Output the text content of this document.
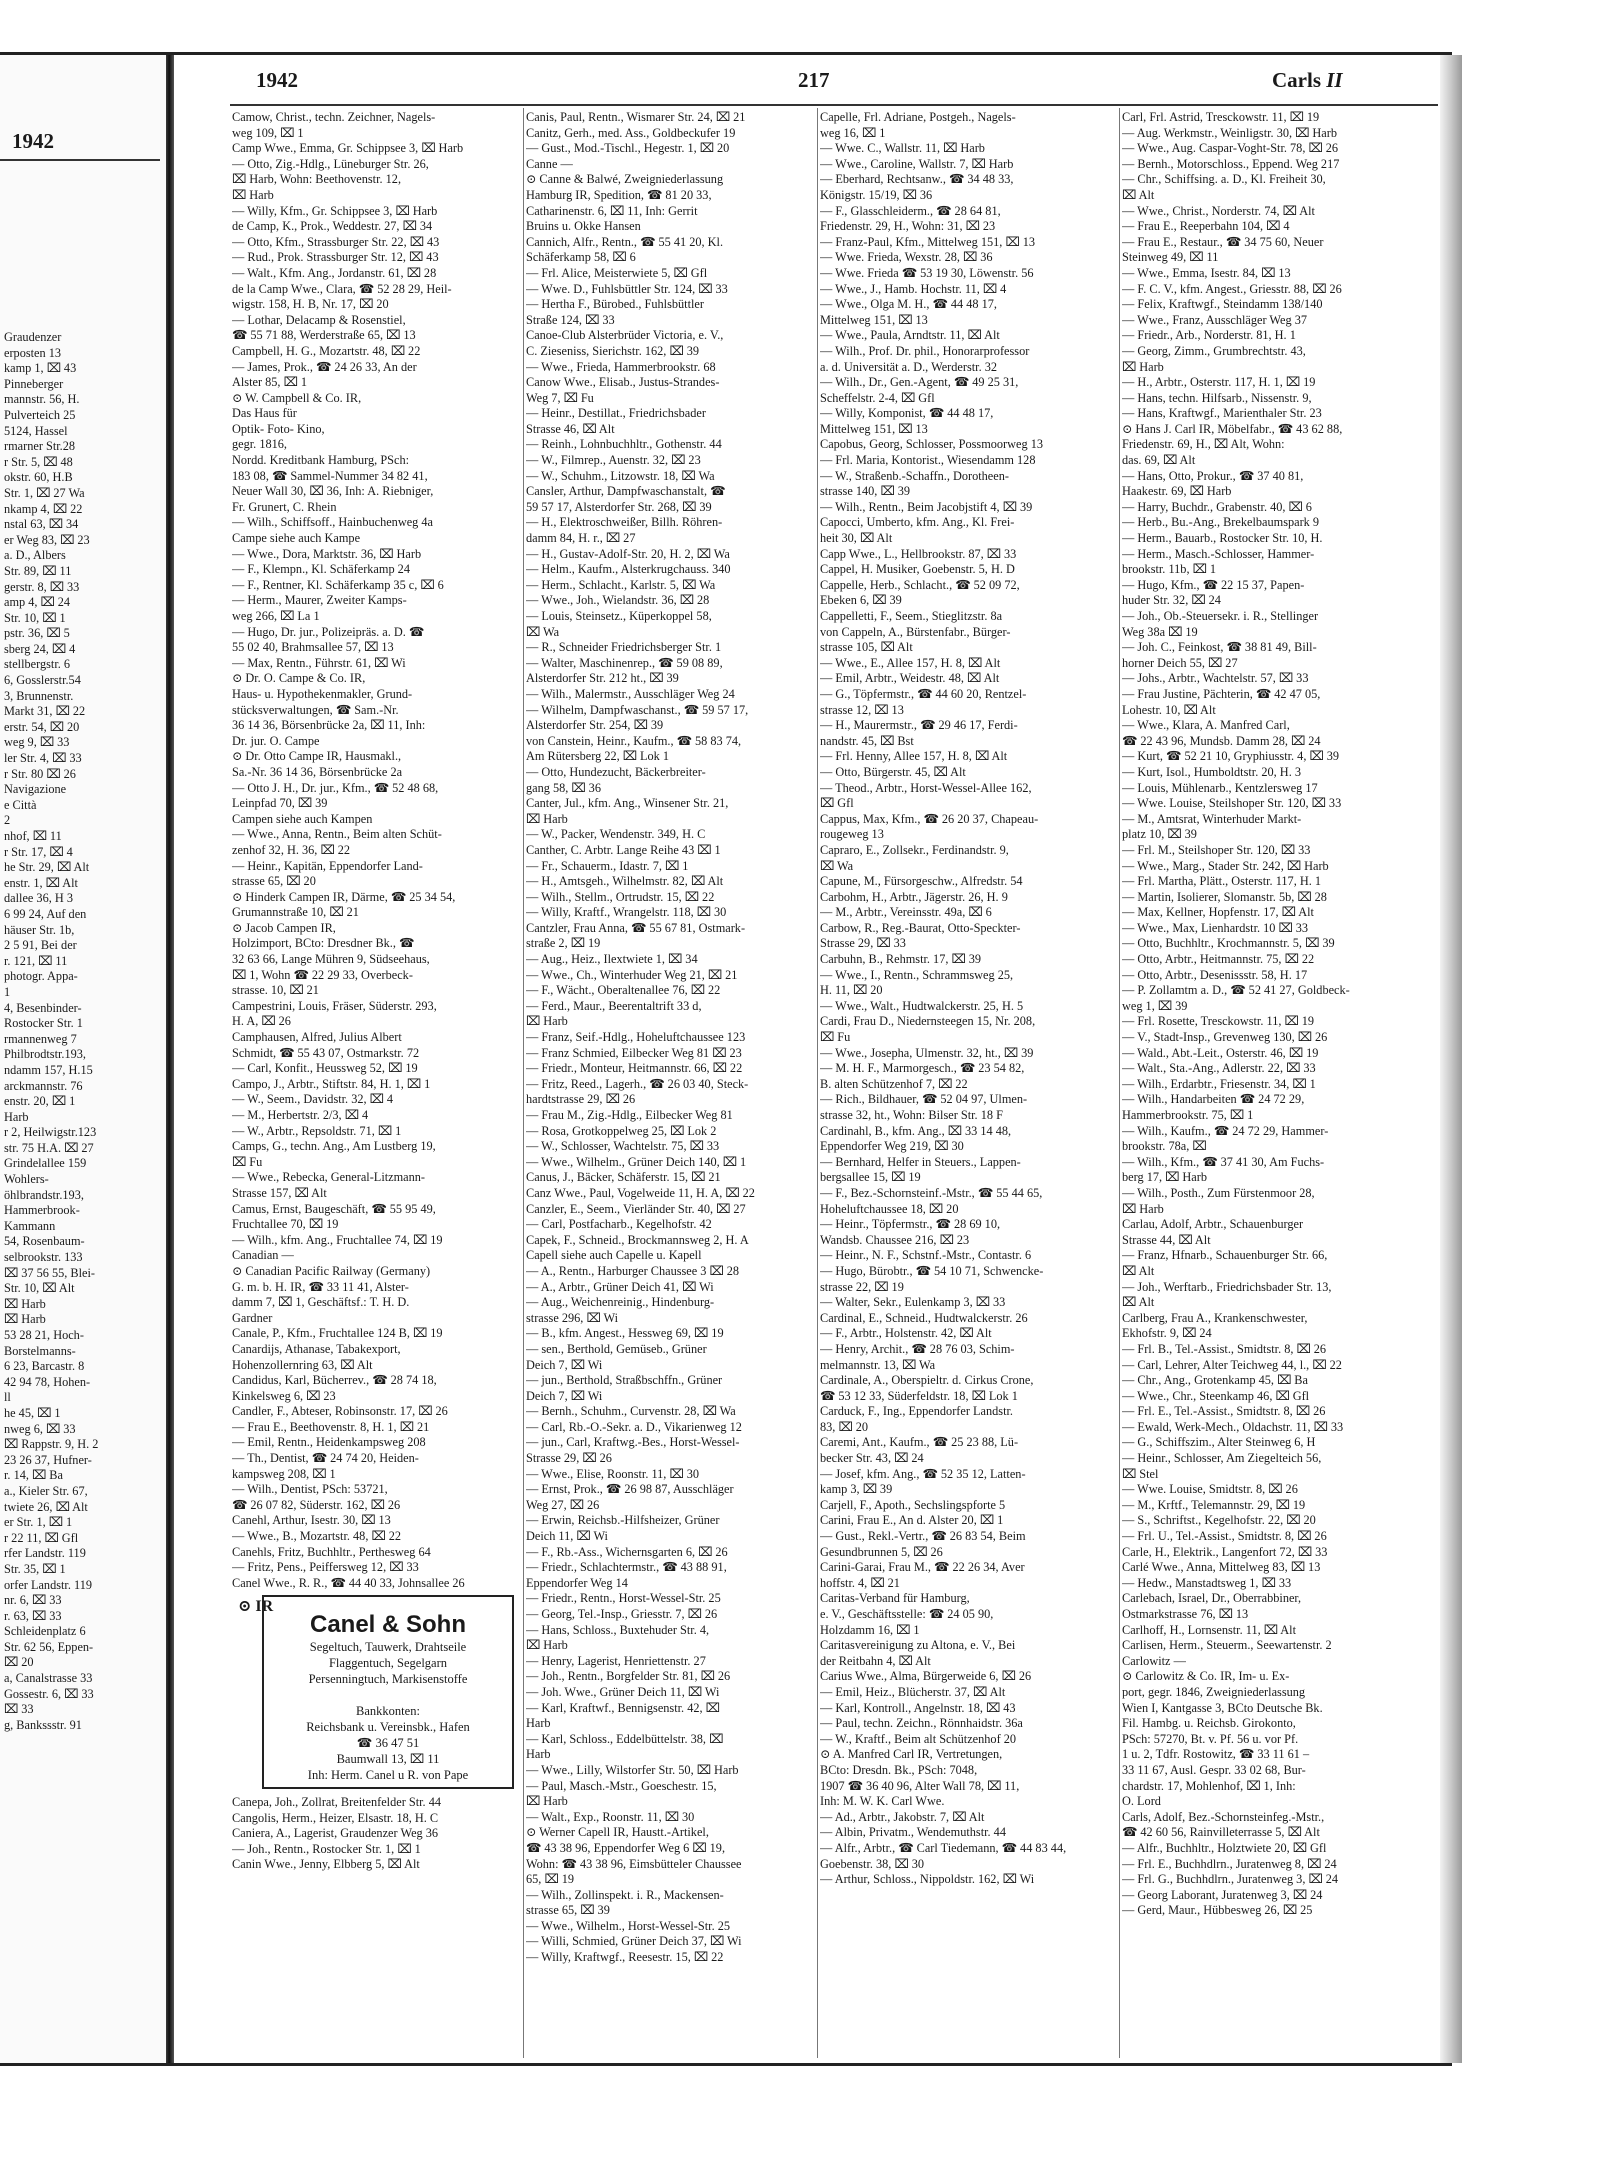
1942
Graudenzer
erposten 13
kamp 1, ⌧ 43
Pinneberger
mannstr. 56, H.
Pulverteich 25
5124, Hassel
rmarner Str.28
r Str. 5, ⌧ 48
okstr. 60, H.B
Str. 1, ⌧ 27 Wa
nkamp 4, ⌧ 22
nstal 63, ⌧ 34
er Weg 83, ⌧ 23
a. D., Albers
Str. 89, ⌧ 11
gerstr. 8, ⌧ 33
amp 4, ⌧ 24
Str. 10, ⌧ 1
pstr. 36, ⌧ 5
sberg 24, ⌧ 4
stellbergstr. 6
6, Gosslerstr.54
3, Brunnenstr.
Markt 31, ⌧ 22
erstr. 54, ⌧ 20
weg 9, ⌧ 33
ler Str. 4, ⌧ 33
r Str. 80 ⌧ 26
Navigazione
e Città
2
nhof, ⌧ 11
r Str. 17, ⌧ 4
he Str. 29, ⌧ Alt
enstr. 1, ⌧ Alt
dallee 36, H 3
6 99 24, Auf den
häuser Str. 1b,
2 5 91, Bei der
r. 121, ⌧ 11
photogr. Appa-
1
4, Besenbinder-
Rostocker Str. 1
rmannenweg 7
Philbrodtstr.193,
ndamm 157, H.15
arckmannstr. 76
enstr. 20, ⌧ 1
Harb
r 2, Heilwigstr.123
str. 75 H.A. ⌧ 27
Grindelallee 159
Wohlers-
öhlbrandstr.193,
Hammerbrook-
Kammann
54, Rosenbaum-
selbrookstr. 133
⌧ 37 56 55, Blei-
Str. 10, ⌧ Alt
⌧ Harb
⌧ Harb
53 28 21, Hoch-
Borstelmanns-
6 23, Barcastr. 8
42 94 78, Hohen-
ll
he 45, ⌧ 1
nweg 6, ⌧ 33
⌧ Rappstr. 9, H. 2
23 26 37, Hufner-
r. 14, ⌧ Ba
a., Kieler Str. 67,
twiete 26, ⌧ Alt
er Str. 1, ⌧ 1
r 22 11, ⌧ Gfl
rfer Landstr. 119
Str. 35, ⌧ 1
orfer Landstr. 119
nr. 6, ⌧ 33
r. 63, ⌧ 33
Schleidenplatz 6
Str. 62 56, Eppen-
⌧ 20
a, Canalstrasse 33
Gossestr. 6, ⌧ 33
⌧ 33
g, Bankssstr. 91
1942	217	Carls II
Camow, Christ., techn. Zeichner, Nagels-
weg 109, ⌧ 1
Camp Wwe., Emma, Gr. Schippsee 3, ⌧ Harb
— Otto, Zig.-Hdlg., Lüneburger Str. 26,
⌧ Harb, Wohn: Beethovenstr. 12,
⌧ Harb
— Willy, Kfm., Gr. Schippsee 3, ⌧ Harb
de Camp, K., Prok., Weddestr. 27, ⌧ 34
— Otto, Kfm., Strassburger Str. 22, ⌧ 43
— Rud., Prok. Strassburger Str. 12, ⌧ 43
— Walt., Kfm. Ang., Jordanstr. 61, ⌧ 28
de la Camp Wwe., Clara, ☎ 52 28 29, Heil-
wigstr. 158, H. B, Nr. 17, ⌧ 20
— Lothar, Delacamp & Rosenstiel,
☎ 55 71 88, Werderstraße 65, ⌧ 13
Campbell, H. G., Mozartstr. 48, ⌧ 22
— James, Prok., ☎ 24 26 33, An der
Alster 85, ⌧ 1
⊙ W. Campbell & Co. IR,
Das Haus für
Optik- Foto- Kino,
gegr. 1816,
Nordd. Kreditbank Hamburg, PSch:
183 08, ☎ Sammel-Nummer 34 82 41,
Neuer Wall 30, ⌧ 36, Inh: A. Riebniger,
Fr. Grunert, C. Rhein
— Wilh., Schiffsoff., Hainbuchenweg 4a
Campe siehe auch Kampe
— Wwe., Dora, Marktstr. 36, ⌧ Harb
— F., Klempn., Kl. Schäferkamp 24
— F., Rentner, Kl. Schäferkamp 35 c, ⌧ 6
— Herm., Maurer, Zweiter Kamps-
weg 266, ⌧ La 1
— Hugo, Dr. jur., Polizeipräs. a. D. ☎
55 02 40, Brahmsallee 57, ⌧ 13
— Max, Rentn., Führstr. 61, ⌧ Wi
⊙ Dr. O. Campe & Co. IR,
Haus- u. Hypothekenmakler, Grund-
stücksverwaltungen, ☎ Sam.-Nr.
36 14 36, Börsenbrücke 2a, ⌧ 11, Inh:
Dr. jur. O. Campe
⊙ Dr. Otto Campe IR, Hausmakl.,
Sa.-Nr. 36 14 36, Börsenbrücke 2a
— Otto J. H., Dr. jur., Kfm., ☎ 52 48 68,
Leinpfad 70, ⌧ 39
Campen siehe auch Kampen
— Wwe., Anna, Rentn., Beim alten Schüt-
zenhof 32, H. 36, ⌧ 22
— Heinr., Kapitän, Eppendorfer Land-
strasse 65, ⌧ 20
⊙ Hinderk Campen IR, Därme, ☎ 25 34 54,
Grumannstraße 10, ⌧ 21
⊙ Jacob Campen IR,
Holzimport, BCto: Dresdner Bk., ☎
32 63 66, Lange Mühren 9, Südseehaus,
⌧ 1, Wohn ☎ 22 29 33, Overbeck-
strasse. 10, ⌧ 21
Campestrini, Louis, Fräser, Süderstr. 293,
H. A, ⌧ 26
Camphausen, Alfred, Julius Albert
Schmidt, ☎ 55 43 07, Ostmarkstr. 72
— Carl, Konfit., Heussweg 52, ⌧ 19
Campo, J., Arbtr., Stiftstr. 84, H. 1, ⌧ 1
— W., Seem., Davidstr. 32, ⌧ 4
— M., Herbertstr. 2/3, ⌧ 4
— W., Arbtr., Repsoldstr. 71, ⌧ 1
Camps, G., techn. Ang., Am Lustberg 19,
⌧ Fu
— Wwe., Rebecka, General-Litzmann-
Strasse 157, ⌧ Alt
Camus, Ernst, Baugeschäft, ☎ 55 95 49,
Fruchtallee 70, ⌧ 19
— Wilh., kfm. Ang., Fruchtallee 74, ⌧ 19
Canadian —
⊙ Canadian Pacific Railway (Germany)
G. m. b. H. IR, ☎ 33 11 41, Alster-
damm 7, ⌧ 1, Geschäftsf.: T. H. D.
Gardner
Canale, P., Kfm., Fruchtallee 124 B, ⌧ 19
Canardijs, Athanase, Tabakexport,
Hohenzollernring 63, ⌧ Alt
Candidus, Karl, Bücherrev., ☎ 28 74 18,
Kinkelsweg 6, ⌧ 23
Candler, F., Abteser, Robinsonstr. 17, ⌧ 26
— Frau E., Beethovenstr. 8, H. 1, ⌧ 21
— Emil, Rentn., Heidenkampsweg 208
— Th., Dentist, ☎ 24 74 20, Heiden-
kampsweg 208, ⌧ 1
— Wilh., Dentist, PSch: 53721,
☎ 26 07 82, Süderstr. 162, ⌧ 26
Canehl, Arthur, Isestr. 30, ⌧ 13
— Wwe., B., Mozartstr. 48, ⌧ 22
Canehls, Fritz, Buchhltr., Perthesweg 64
— Fritz, Pens., Peiffersweg 12, ⌧ 33
Canel Wwe., R. R., ☎ 44 40 33, Johnsallee 26
Canis, Paul, Rentn., Wismarer Str. 24, ⌧ 21
Canitz, Gerh., med. Ass., Goldbeckufer 19
— Gust., Mod.-Tischl., Hegestr. 1, ⌧ 20
Canne —
⊙ Canne & Balwé, Zweigniederlassung
Hamburg IR, Spedition, ☎ 81 20 33,
Catharinenstr. 6, ⌧ 11, Inh: Gerrit
Bruins u. Okke Hansen
Cannich, Alfr., Rentn., ☎ 55 41 20, Kl.
Schäferkamp 58, ⌧ 6
— Frl. Alice, Meisterwiete 5, ⌧ Gfl
— Wwe. D., Fuhlsbüttler Str. 124, ⌧ 33
— Hertha F., Bürobed., Fuhlsbüttler
Straße 124, ⌧ 33
Canoe-Club Alsterbrüder Victoria, e. V.,
C. Zieseniss, Sierichstr. 162, ⌧ 39
— Wwe., Frieda, Hammerbrookstr. 68
Canow Wwe., Elisab., Justus-Strandes-
Weg 7, ⌧ Fu
— Heinr., Destillat., Friedrichsbader
Strasse 46, ⌧ Alt
— Reinh., Lohnbuchhltr., Gothenstr. 44
— W., Filmrep., Auenstr. 32, ⌧ 23
— W., Schuhm., Litzowstr. 18, ⌧ Wa
Cansler, Arthur, Dampfwaschanstalt, ☎
59 57 17, Alsterdorfer Str. 268, ⌧ 39
— H., Elektroschweißer, Billh. Röhren-
damm 84, H. r., ⌧ 27
— H., Gustav-Adolf-Str. 20, H. 2, ⌧ Wa
— Helm., Kaufm., Alsterkrugchauss. 340
— Herm., Schlacht., Karlstr. 5, ⌧ Wa
— Wwe., Joh., Wielandstr. 36, ⌧ 28
— Louis, Steinsetz., Küperkoppel 58,
⌧ Wa
— R., Schneider Friedrichsberger Str. 1
— Walter, Maschinenrep., ☎ 59 08 89,
Alsterdorfer Str. 212 ht., ⌧ 39
— Wilh., Malermstr., Ausschläger Weg 24
— Wilhelm, Dampfwaschanst., ☎ 59 57 17,
Alsterdorfer Str. 254, ⌧ 39
von Canstein, Heinr., Kaufm., ☎ 58 83 74,
Am Rütersberg 22, ⌧ Lok 1
— Otto, Hundezucht, Bäckerbreiter-
gang 58, ⌧ 36
Canter, Jul., kfm. Ang., Winsener Str. 21,
⌧ Harb
— W., Packer, Wendenstr. 349, H. C
Canther, C. Arbtr. Lange Reihe 43 ⌧ 1
— Fr., Schauerm., Idastr. 7, ⌧ 1
— H., Amtsgeh., Wilhelmstr. 82, ⌧ Alt
— Wilh., Stellm., Ortrudstr. 15, ⌧ 22
— Willy, Kraftf., Wrangelstr. 118, ⌧ 30
Cantzler, Frau Anna, ☎ 55 67 81, Ostmark-
straße 2, ⌧ 19
— Aug., Heiz., Ilextwiete 1, ⌧ 34
— Wwe., Ch., Winterhuder Weg 21, ⌧ 21
— F., Wächt., Oberaltenallee 76, ⌧ 22
— Ferd., Maur., Beerentaltrift 33 d,
⌧ Harb
— Franz, Seif.-Hdlg., Hoheluftchaussee 123
— Franz Schmied, Eilbecker Weg 81 ⌧ 23
— Friedr., Monteur, Heitmannstr. 66, ⌧ 22
— Fritz, Reed., Lagerh., ☎ 26 03 40, Steck-
hardtstrasse 29, ⌧ 26
— Frau M., Zig.-Hdlg., Eilbecker Weg 81
— Rosa, Grotkoppelweg 25, ⌧ Lok 2
— W., Schlosser, Wachtelstr. 75, ⌧ 33
— Wwe., Wilhelm., Grüner Deich 140, ⌧ 1
Canus, J., Bäcker, Schäferstr. 15, ⌧ 21
Canz Wwe., Paul, Vogelweide 11, H. A, ⌧ 22
Canzler, E., Seem., Vierländer Str. 40, ⌧ 27
— Carl, Postfacharb., Kegelhofstr. 42
Capek, F., Schneid., Brockmannsweg 2, H. A
Capell siehe auch Capelle u. Kapell
— A., Rentn., Harburger Chaussee 3 ⌧ 28
— A., Arbtr., Grüner Deich 41, ⌧ Wi
— Aug., Weichenreinig., Hindenburg-
strasse 296, ⌧ Wi
— B., kfm. Angest., Hessweg 69, ⌧ 19
— sen., Berthold, Gemüseb., Grüner
Deich 7, ⌧ Wi
— jun., Berthold, Straßbschffn., Grüner
Deich 7, ⌧ Wi
— Bernh., Schuhm., Curvenstr. 28, ⌧ Wa
— Carl, Rb.-O.-Sekr. a. D., Vikarienweg 12
— jun., Carl, Kraftwg.-Bes., Horst-Wessel-
Strasse 29, ⌧ 26
— Wwe., Elise, Roonstr. 11, ⌧ 30
— Ernst, Prok., ☎ 26 98 87, Ausschläger
Weg 27, ⌧ 26
— Erwin, Reichsb.-Hilfsheizer, Grüner
Deich 11, ⌧ Wi
— F., Rb.-Ass., Wichernsgarten 6, ⌧ 26
— Friedr., Schlachtermstr., ☎ 43 88 91,
Eppendorfer Weg 14
— Friedr., Rentn., Horst-Wessel-Str. 25
— Georg, Tel.-Insp., Griesstr. 7, ⌧ 26
— Hans, Schloss., Buxtehuder Str. 4,
⌧ Harb
— Henry, Lagerist, Henriettenstr. 27
— Joh., Rentn., Borgfelder Str. 81, ⌧ 26
— Joh. Wwe., Grüner Deich 11, ⌧ Wi
— Karl, Kraftwf., Bennigsenstr. 42, ⌧
Harb
— Karl, Schloss., Eddelbüttelstr. 38, ⌧
Harb
— Wwe., Lilly, Wilstorfer Str. 50, ⌧ Harb
— Paul, Masch.-Mstr., Goeschestr. 15,
⌧ Harb
— Walt., Exp., Roonstr. 11, ⌧ 30
⊙ Werner Capell IR, Haustt.-Artikel,
☎ 43 38 96, Eppendorfer Weg 6 ⌧ 19,
Wohn: ☎ 43 38 96, Eimsbütteler Chaussee
65, ⌧ 19
— Wilh., Zollinspekt. i. R., Mackensen-
strasse 65, ⌧ 39
— Wwe., Wilhelm., Horst-Wessel-Str. 25
— Willi, Schmied, Grüner Deich 37, ⌧ Wi
— Willy, Kraftwgf., Reesestr. 15, ⌧ 22
Capelle, Frl. Adriane, Postgeh., Nagels-
weg 16, ⌧ 1
— Wwe. C., Wallstr. 11, ⌧ Harb
— Wwe., Caroline, Wallstr. 7, ⌧ Harb
— Eberhard, Rechtsanw., ☎ 34 48 33,
Königstr. 15/19, ⌧ 36
— F., Glasschleiderm., ☎ 28 64 81,
Friedenstr. 29, H., Wohn: 31, ⌧ 23
— Franz-Paul, Kfm., Mittelweg 151, ⌧ 13
— Wwe. Frieda, Wexstr. 28, ⌧ 36
— Wwe. Frieda ☎ 53 19 30, Löwenstr. 56
— Wwe., J., Hamb. Hochstr. 11, ⌧ 4
— Wwe., Olga M. H., ☎ 44 48 17,
Mittelweg 151, ⌧ 13
— Wwe., Paula, Arndtstr. 11, ⌧ Alt
— Wilh., Prof. Dr. phil., Honorarprofessor
a. d. Universität a. D., Werderstr. 32
— Wilh., Dr., Gen.-Agent, ☎ 49 25 31,
Scheffelstr. 2-4, ⌧ Gfl
— Willy, Komponist, ☎ 44 48 17,
Mittelweg 151, ⌧ 13
Capobus, Georg, Schlosser, Possmoorweg 13
— Frl. Maria, Kontorist., Wiesendamm 128
— W., Straßenb.-Schaffn., Dorotheen-
strasse 140, ⌧ 39
— Wilh., Rentn., Beim Jacobjstift 4, ⌧ 39
Capocci, Umberto, kfm. Ang., Kl. Frei-
heit 30, ⌧ Alt
Capp Wwe., L., Hellbrookstr. 87, ⌧ 33
Cappel, H. Musiker, Goebenstr. 5, H. D
Cappelle, Herb., Schlacht., ☎ 52 09 72,
Ebeken 6, ⌧ 39
Cappelletti, F., Seem., Stieglitzstr. 8a
von Cappeln, A., Bürstenfabr., Bürger-
strasse 105, ⌧ Alt
— Wwe., E., Allee 157, H. 8, ⌧ Alt
— Emil, Arbtr., Weidestr. 48, ⌧ Alt
— G., Töpfermstr., ☎ 44 60 20, Rentzel-
strasse 12, ⌧ 13
— H., Maurermstr., ☎ 29 46 17, Ferdi-
nandstr. 45, ⌧ Bst
— Frl. Henny, Allee 157, H. 8, ⌧ Alt
— Otto, Bürgerstr. 45, ⌧ Alt
— Theod., Arbtr., Horst-Wessel-Allee 162,
⌧ Gfl
Cappus, Max, Kfm., ☎ 26 20 37, Chapeau-
rougeweg 13
Capraro, E., Zollsekr., Ferdinandstr. 9,
⌧ Wa
Capune, M., Fürsorgeschw., Alfredstr. 54
Carbohm, H., Arbtr., Jägerstr. 26, H. 9
— M., Arbtr., Vereinsstr. 49a, ⌧ 6
Carbow, R., Reg.-Baurat, Otto-Speckter-
Strasse 29, ⌧ 33
Carbuhn, B., Rehmstr. 17, ⌧ 39
— Wwe., I., Rentn., Schrammsweg 25,
H. 11, ⌧ 20
— Wwe., Walt., Hudtwalckerstr. 25, H. 5
Cardi, Frau D., Niedernsteegen 15, Nr. 208,
⌧ Fu
— Wwe., Josepha, Ulmenstr. 32, ht., ⌧ 39
— M. H. F., Marmorgesch., ☎ 23 54 82,
B. alten Schützenhof 7, ⌧ 22
— Rich., Bildhauer, ☎ 52 04 97, Ulmen-
strasse 32, ht., Wohn: Bilser Str. 18 F
Cardinahl, B., kfm. Ang., ⌧ 33 14 48,
Eppendorfer Weg 219, ⌧ 30
— Bernhard, Helfer in Steuers., Lappen-
bergsallee 15, ⌧ 19
— F., Bez.-Schornsteinf.-Mstr., ☎ 55 44 65,
Hoheluftchaussee 18, ⌧ 20
— Heinr., Töpfermstr., ☎ 28 69 10,
Wandsb. Chaussee 216, ⌧ 23
— Heinr., N. F., Schstnf.-Mstr., Contastr. 6
— Hugo, Bürobtr., ☎ 54 10 71, Schwencke-
strasse 22, ⌧ 19
— Walter, Sekr., Eulenkamp 3, ⌧ 33
Cardinal, E., Schneid., Hudtwalckerstr. 26
— F., Arbtr., Holstenstr. 42, ⌧ Alt
— Henry, Archit., ☎ 28 76 03, Schim-
melmannstr. 13, ⌧ Wa
Cardinale, A., Oberspieltr. d. Cirkus Crone,
☎ 53 12 33, Süderfeldstr. 18, ⌧ Lok 1
Carduck, F., Ing., Eppendorfer Landstr.
83, ⌧ 20
Caremi, Ant., Kaufm., ☎ 25 23 88, Lü-
becker Str. 43, ⌧ 24
— Josef, kfm. Ang., ☎ 52 35 12, Latten-
kamp 3, ⌧ 39
Carjell, F., Apoth., Sechslingspforte 5
Carini, Frau E., An d. Alster 20, ⌧ 1
— Gust., Rekl.-Vertr., ☎ 26 83 54, Beim
Gesundbrunnen 5, ⌧ 26
Carini-Garai, Frau M., ☎ 22 26 34, Aver
hoffstr. 4, ⌧ 21
Caritas-Verband für Hamburg,
e. V., Geschäftsstelle: ☎ 24 05 90,
Holzdamm 16, ⌧ 1
Caritasvereinigung zu Altona, e. V., Bei
der Reitbahn 4, ⌧ Alt
Carius Wwe., Alma, Bürgerweide 6, ⌧ 26
— Emil, Heiz., Blücherstr. 37, ⌧ Alt
— Karl, Kontroll., Angelnstr. 18, ⌧ 43
— Paul, techn. Zeichn., Rönnhaidstr. 36a
— W., Kraftf., Beim alt Schützenhof 20
⊙ A. Manfred Carl IR, Vertretungen,
BCto: Dresdn. Bk., PSch: 7048,
1907 ☎ 36 40 96, Alter Wall 78, ⌧ 11,
Inh: M. W. K. Carl Wwe.
— Ad., Arbtr., Jakobstr. 7, ⌧ Alt
— Albin, Privatm., Wendemuthstr. 44
— Alfr., Arbtr., ☎ Carl Tiedemann, ☎ 44 83 44,
Goebenstr. 38, ⌧ 30
— Arthur, Schloss., Nippoldstr. 162, ⌧ Wi
Carl, Frl. Astrid, Tresckowstr. 11, ⌧ 19
— Aug. Werkmstr., Weinligstr. 30, ⌧ Harb
— Wwe., Aug. Caspar-Voght-Str. 78, ⌧ 26
— Bernh., Motorschloss., Eppend. Weg 217
— Chr., Schiffsing. a. D., Kl. Freiheit 30,
⌧ Alt
— Wwe., Christ., Norderstr. 74, ⌧ Alt
— Frau E., Reeperbahn 104, ⌧ 4
— Frau E., Restaur., ☎ 34 75 60, Neuer
Steinweg 49, ⌧ 11
— Wwe., Emma, Isestr. 84, ⌧ 13
— F. C. V., kfm. Angest., Griesstr. 88, ⌧ 26
— Felix, Kraftwgf., Steindamm 138/140
— Wwe., Franz, Ausschläger Weg 37
— Friedr., Arb., Norderstr. 81, H. 1
— Georg, Zimm., Grumbrechtstr. 43,
⌧ Harb
— H., Arbtr., Osterstr. 117, H. 1, ⌧ 19
— Hans, techn. Hilfsarb., Nissenstr. 9,
— Hans, Kraftwgf., Marienthaler Str. 23
⊙ Hans J. Carl IR, Möbelfabr., ☎ 43 62 88,
Friedenstr. 69, H., ⌧ Alt, Wohn:
das. 69, ⌧ Alt
— Hans, Otto, Prokur., ☎ 37 40 81,
Haakestr. 69, ⌧ Harb
— Harry, Buchdr., Grabenstr. 40, ⌧ 6
— Herb., Bu.-Ang., Brekelbaumspark 9
— Herm., Bauarb., Rostocker Str. 10, H.
— Herm., Masch.-Schlosser, Hammer-
brookstr. 11b, ⌧ 1
— Hugo, Kfm., ☎ 22 15 37, Papen-
huder Str. 32, ⌧ 24
— Joh., Ob.-Steuersekr. i. R., Stellinger
Weg 38a ⌧ 19
— Joh. C., Feinkost, ☎ 38 81 49, Bill-
horner Deich 55, ⌧ 27
— Johs., Arbtr., Wachtelstr. 57, ⌧ 33
— Frau Justine, Pächterin, ☎ 42 47 05,
Lohestr. 10, ⌧ Alt
— Wwe., Klara, A. Manfred Carl,
☎ 22 43 96, Mundsb. Damm 28, ⌧ 24
— Kurt, ☎ 52 21 10, Gryphiusstr. 4, ⌧ 39
— Kurt, Isol., Humboldtstr. 20, H. 3
— Louis, Mühlenarb., Kentzlersweg 17
— Wwe. Louise, Steilshoper Str. 120, ⌧ 33
— M., Amtsrat, Winterhuder Markt-
platz 10, ⌧ 39
— Frl. M., Steilshoper Str. 120, ⌧ 33
— Wwe., Marg., Stader Str. 242, ⌧ Harb
— Frl. Martha, Plätt., Osterstr. 117, H. 1
— Martin, Isolierer, Slomanstr. 5b, ⌧ 28
— Max, Kellner, Hopfenstr. 17, ⌧ Alt
— Wwe., Max, Lienhardstr. 10 ⌧ 33
— Otto, Buchhltr., Krochmannstr. 5, ⌧ 39
— Otto, Arbtr., Heitmannstr. 75, ⌧ 22
— Otto, Arbtr., Desenissstr. 58, H. 17
— P. Zollamtm a. D., ☎ 52 41 27, Goldbeck-
weg 1, ⌧ 39
— Frl. Rosette, Tresckowstr. 11, ⌧ 19
— V., Stadt-Insp., Grevenweg 130, ⌧ 26
— Wald., Abt.-Leit., Osterstr. 46, ⌧ 19
— Walt., Sta.-Ang., Adlerstr. 22, ⌧ 33
— Wilh., Erdarbtr., Friesenstr. 34, ⌧ 1
— Wilh., Handarbeiten ☎ 24 72 29,
Hammerbrookstr. 75, ⌧ 1
— Wilh., Kaufm., ☎ 24 72 29, Hammer-
brookstr. 78a, ⌧
— Wilh., Kfm., ☎ 37 41 30, Am Fuchs-
berg 17, ⌧ Harb
— Wilh., Posth., Zum Fürstenmoor 28,
⌧ Harb
Carlau, Adolf, Arbtr., Schauenburger
Strasse 44, ⌧ Alt
— Franz, Hfnarb., Schauenburger Str. 66,
⌧ Alt
— Joh., Werftarb., Friedrichsbader Str. 13,
⌧ Alt
Carlberg, Frau A., Krankenschwester,
Ekhofstr. 9, ⌧ 24
— Frl. B., Tel.-Assist., Smidtstr. 8, ⌧ 26
— Carl, Lehrer, Alter Teichweg 44, l., ⌧ 22
— Chr., Ang., Grotenkamp 45, ⌧ Ba
— Wwe., Chr., Steenkamp 46, ⌧ Gfl
— Frl. E., Tel.-Assist., Smidtstr. 8, ⌧ 26
— Ewald, Werk-Mech., Oldachstr. 11, ⌧ 33
— G., Schiffszim., Alter Steinweg 6, H
— Heinr., Schlosser, Am Ziegelteich 56,
⌧ Stel
— Wwe. Louise, Smidtstr. 8, ⌧ 26
— M., Krftf., Telemannstr. 29, ⌧ 19
— S., Schriftst., Kegelhofstr. 22, ⌧ 20
— Frl. U., Tel.-Assist., Smidtstr. 8, ⌧ 26
Carle, H., Elektrik., Langenfort 72, ⌧ 33
Carlé Wwe., Anna, Mittelweg 83, ⌧ 13
— Hedw., Manstadtsweg 1, ⌧ 33
Carlebach, Israel, Dr., Oberrabbiner,
Ostmarkstrasse 76, ⌧ 13
Carlhoff, H., Lornsenstr. 11, ⌧ Alt
Carlisen, Herm., Steuerm., Seewartenstr. 2
Carlowitz —
⊙ Carlowitz & Co. IR, Im- u. Ex-
port, gegr. 1846, Zweigniederlassung
Wien I, Kantgasse 3, BCto Deutsche Bk.
Fil. Hambg. u. Reichsb. Girokonto,
PSch: 57270, Bt. v. Pf. 56 u. vor Pf.
1 u. 2, Tdfr. Rostowitz, ☎ 33 11 61 –
33 11 67, Ausl. Gespr. 33 02 68, Bur-
chardstr. 17, Mohlenhof, ⌧ 1, Inh:
O. Lord
Carls, Adolf, Bez.-Schornsteinfeg.-Mstr.,
☎ 42 60 56, Rainvilleterrasse 5, ⌧ Alt
— Alfr., Buchhltr., Holztwiete 20, ⌧ Gfl
— Frl. E., Buchhdlrn., Juratenweg 8, ⌧ 24
— Frl. G., Buchhdlrn., Juratenweg 3, ⌧ 24
— Georg Laborant, Juratenweg 3, ⌧ 24
— Gerd, Maur., Hübbesweg 26, ⌧ 25
⊙ IR
Canel & Sohn
Segeltuch, Tauwerk, Drahtseile
Flaggentuch, Segelgarn
Persenningtuch, Markisenstoffe

Bankkonten:
Reichsbank u. Vereinsbk., Hafen
☎ 36 47 51
Baumwall 13, ⌧ 11
Inh: Herm. Canel u R. von Pape
Canepa, Joh., Zollrat, Breitenfelder Str. 44
Cangolis, Herm., Heizer, Elsastr. 18, H. C
Caniera, A., Lagerist, Graudenzer Weg 36
— Joh., Rentn., Rostocker Str. 1, ⌧ 1
Canin Wwe., Jenny, Elbberg 5, ⌧ Alt
